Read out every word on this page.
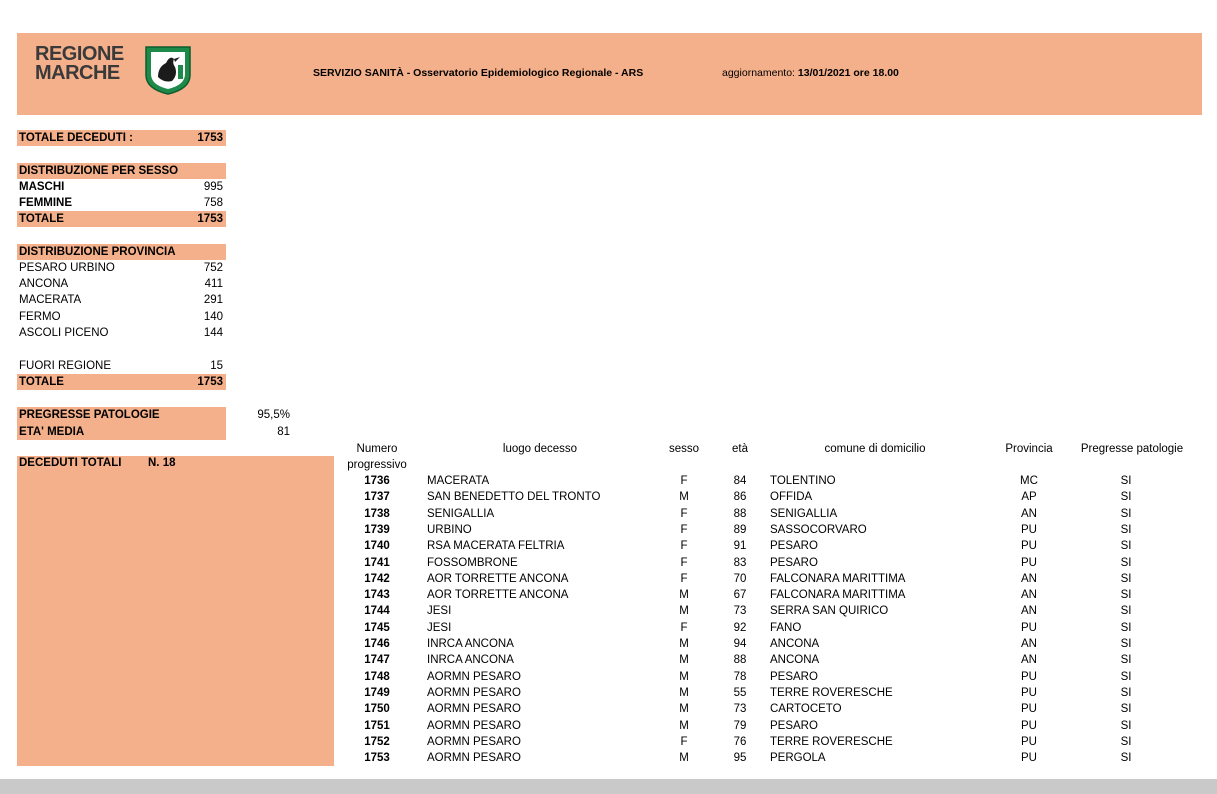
REGIONE
MARCHE	SERVIZIO SANITÀ - Osservatorio Epidemiologico Regionale - ARS	aggiornamento: 13/01/2021 ore 18.00
TOTALE DECEDUTI :	1753
DISTRIBUZIONE PER SESSO
MASCHI	995
FEMMINE	758
TOTALE	1753
DISTRIBUZIONE PROVINCIA
PESARO URBINO	752
ANCONA	411
MACERATA	291
FERMO	140
ASCOLI PICENO	144
FUORI REGIONE	15
TOTALE	1753
PREGRESSE PATOLOGIE	95,5%
ETA' MEDIA	81
DECEDUTI TOTALI N. 18
Numero progressivo
luogo decesso	sesso	età	comune di domicilio	Provincia	Pregresse patologie
1736	MACERATA	F	84	TOLENTINO	MC	SI
1737	SAN BENEDETTO DEL TRONTO	M	86	OFFIDA	AP	SI
1738	SENIGALLIA	F	88	SENIGALLIA	AN	SI
1739	URBINO	F	89	SASSOCORVARO	PU	SI
1740	RSA MACERATA FELTRIA	F	91	PESARO	PU	SI
1741	FOSSOMBRONE	F	83	PESARO	PU	SI
1742	AOR TORRETTE ANCONA	F	70	FALCONARA MARITTIMA	AN	SI
1743	AOR TORRETTE ANCONA	M	67	FALCONARA MARITTIMA	AN	SI
1744	JESI	M	73	SERRA SAN QUIRICO	AN	SI
1745	JESI	F	92	FANO	PU	SI
1746	INRCA ANCONA	M	94	ANCONA	AN	SI
1747	INRCA ANCONA	M	88	ANCONA	AN	SI
1748	AORMN PESARO	M	78	PESARO	PU	SI
1749	AORMN PESARO	M	55	TERRE ROVERESCHE	PU	SI
1750	AORMN PESARO	M	73	CARTOCETO	PU	SI
1751	AORMN PESARO	M	79	PESARO	PU	SI
1752	AORMN PESARO	F	76	TERRE ROVERESCHE	PU	SI
1753	AORMN PESARO	M	95	PERGOLA	PU	SI
